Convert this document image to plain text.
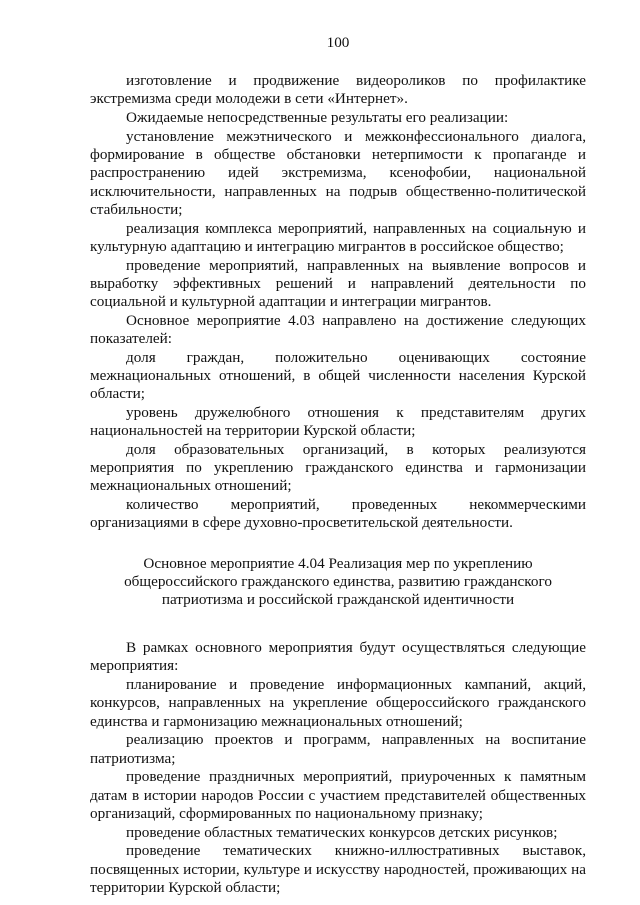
100

изготовление и продвижение видеороликов по профилактике экстремизма среди молодежи в сети «Интернет».

Ожидаемые непосредственные результаты его реализации:

установление межэтнического и межконфессионального диалога, формирование в обществе обстановки нетерпимости к пропаганде и распространению идей экстремизма, ксенофобии, национальной исключительности, направленных на подрыв общественно-политической стабильности;

реализация комплекса мероприятий, направленных на социальную и культурную адаптацию и интеграцию мигрантов в российское общество;

проведение мероприятий, направленных на выявление вопросов и выработку эффективных решений и направлений деятельности по социальной и культурной адаптации и интеграции мигрантов.

Основное мероприятие 4.03 направлено на достижение следующих показателей:

доля граждан, положительно оценивающих состояние межнациональных отношений, в общей численности населения Курской области;

уровень дружелюбного отношения к представителям других национальностей на территории Курской области;

доля образовательных организаций, в которых реализуются мероприятия по укреплению гражданского единства и гармонизации межнациональных отношений;

количество мероприятий, проведенных некоммерческими организациями в сфере духовно-просветительской деятельности.

Основное мероприятие 4.04 Реализация мер по укреплению
общероссийского гражданского единства, развитию гражданского
патриотизма и российской гражданской идентичности

В рамках основного мероприятия будут осуществляться следующие мероприятия:

планирование и проведение информационных кампаний, акций, конкурсов, направленных на укрепление общероссийского гражданского единства и гармонизацию межнациональных отношений;

реализацию проектов и программ, направленных на воспитание патриотизма;

проведение праздничных мероприятий, приуроченных к памятным датам в истории народов России с участием представителей общественных организаций, сформированных по национальному признаку;

проведение областных тематических конкурсов детских рисунков;

проведение тематических книжно-иллюстративных выставок, посвященных истории, культуре и искусству народностей, проживающих на территории Курской области;
